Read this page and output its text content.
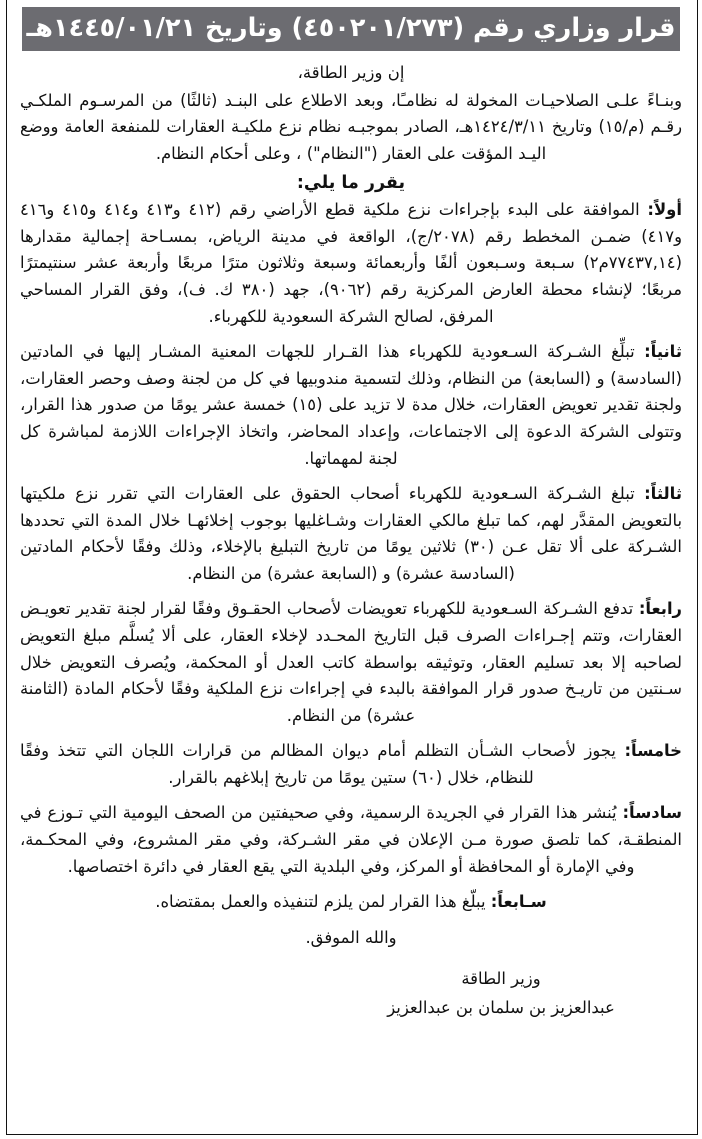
قرار وزاري رقم (٤٥٠٢٠١/٢٧٣) وتاريخ ١٤٤٥/٠١/٢١هـ

إن وزير الطاقة،

وبنـاءً علـى الصلاحيـات المخولة له نظامـًا، وبعد الاطلاع على البنـد (ثالثًا) من المرسـوم الملكـي رقـم (م/١٥) وتاريخ ١٤٢٤/٣/١١هـ، الصادر بموجبـه نظام نزع ملكيـة العقارات للمنفعة العامة ووضع اليـد المؤقت على العقار ("النظام") ، وعلى أحكام النظام.

يقرر ما يلي:

أولاً: الموافقة على البدء بإجراءات نزع ملكية قطع الأراضي رقم (٤١٢ و٤١٣ و٤١٤ و٤١٥ و٤١٦ و٤١٧) ضمـن المخطط رقم (٢٠٧٨/ج)، الواقعة في مدينة الرياض، بمسـاحة إجمالية مقدارها (٧٧٤٣٧,١٤م٢) سـبعة وسـبعون ألفًا وأربعمائة وسبعة وثلاثون مترًا مربعًا وأربعة عشر سنتيمترًا مربعًا؛ لإنشاء محطة العارض المركزية رقم (٩٠٦٢)، جهد (٣٨٠ ك. ف)، وفق القرار المساحي المرفق، لصالح الشركة السعودية للكهرباء.

ثانياً: تبلِّغ الشـركة السـعودية للكهرباء هذا القـرار للجهات المعنية المشـار إليها في المادتين (السادسة) و (السابعة) من النظام، وذلك لتسمية مندوبيها في كل من لجنة وصف وحصر العقارات، ولجنة تقدير تعويض العقارات، خلال مدة لا تزيد على (١٥) خمسة عشر يومًا من صدور هذا القرار، وتتولى الشركة الدعوة إلى الاجتماعات، وإعداد المحاضر، واتخاذ الإجراءات اللازمة لمباشرة كل لجنة لمهماتها.

ثالثاً: تبلغ الشـركة السـعودية للكهرباء أصحاب الحقوق على العقارات التي تقرر نزع ملكيتها بالتعويض المقدَّر لهم، كما تبلغ مالكي العقارات وشـاغليها بوجوب إخلائهـا خلال المدة التي تحددها الشـركة على ألا تقل عـن (٣٠) ثلاثين يومًا من تاريخ التبليغ بالإخلاء، وذلك وفقًا لأحكام المادتين (السادسة عشرة) و (السابعة عشرة) من النظام.

رابعاً: تدفع الشـركة السـعودية للكهرباء تعويضات لأصحاب الحقـوق وفقًا لقرار لجنة تقدير تعويـض العقارات، وتتم إجـراءات الصرف قبل التاريخ المحـدد لإخلاء العقار، على ألا يُسلَّم مبلغ التعويض لصاحبه إلا بعد تسليم العقار، وتوثيقه بواسطة كاتب العدل أو المحكمة، ويُصرف التعويض خلال سـنتين من تاريـخ صدور قرار الموافقة بالبدء في إجراءات نزع الملكية وفقًا لأحكام المادة (الثامنة عشرة) من النظام.

خامساً: يجوز لأصحاب الشـأن التظلم أمام ديوان المظالم من قرارات اللجان التي تتخذ وفقًا للنظام، خلال (٦٠) ستين يومًا من تاريخ إبلاغهم بالقرار.

سادساً: يُنشر هذا القرار في الجريدة الرسمية، وفي صحيفتين من الصحف اليومية التي تـوزع في المنطقـة، كما تلصق صورة مـن الإعلان في مقر الشـركة، وفي مقر المشروع، وفي المحكـمة، وفي الإمارة أو المحافظة أو المركز، وفي البلدية التي يقع العقار في دائرة اختصاصها.

سـابعاً: يبلّغ هذا القرار لمن يلزم لتنفيذه والعمل بمقتضاه.

والله الموفق.

وزير الطاقة
عبدالعزيز بن سلمان بن عبدالعزيز
